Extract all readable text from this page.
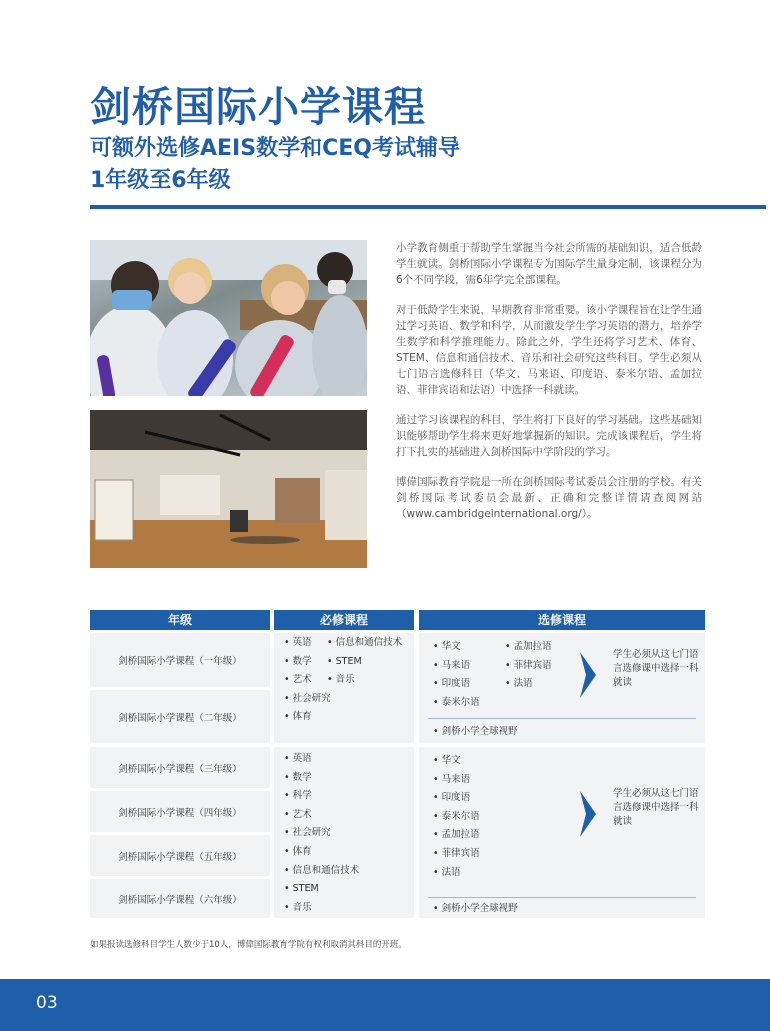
剑桥国际小学课程
可额外选修AEIS数学和CEQ考试辅导
1年级至6年级

小学教育侧重于帮助学生掌握当今社会所需的基础知识，适合低龄学生就读。剑桥国际小学课程专为国际学生量身定制，该课程分为6个不同学段，需6年学完全部课程。

对于低龄学生来说，早期教育非常重要。该小学课程旨在让学生通过学习英语、数学和科学，从而激发学生学习英语的潜力，培养学生数学和科学推理能力。除此之外，学生还将学习艺术、体育、STEM、信息和通信技术、音乐和社会研究这些科目。学生必须从七门语言选修科目（华文、马来语、印度语、泰米尔语、孟加拉语、菲律宾语和法语）中选择一科就读。

通过学习该课程的科目，学生将打下良好的学习基础。这些基础知识能够帮助学生将来更好地掌握新的知识。完成该课程后，学生将打下扎实的基础进入剑桥国际中学阶段的学习。

博偉国际教育学院是一所在剑桥国际考试委员会注册的学校。有关剑桥国际考试委员会最新、正确和完整详情请查阅网站（www.cambridgeinternational.org/）。

年级	必修课程	选修课程
剑桥国际小学课程（一年级）
剑桥国际小学课程（二年级）
• 英语
• 数学
• 艺术
• 社会研究
• 体育
• 信息和通信技术
• STEM
• 音乐
• 华文
• 马来语
• 印度语
• 泰米尔语
• 孟加拉语
• 菲律宾语
• 法语
学生必须从这七门语言选修课中选择一科就读
• 剑桥小学全球视野
剑桥国际小学课程（三年级）
剑桥国际小学课程（四年级）
剑桥国际小学课程（五年级）
剑桥国际小学课程（六年级）
• 英语
• 数学
• 科学
• 艺术
• 社会研究
• 体育
• 信息和通信技术
• STEM
• 音乐
• 华文
• 马来语
• 印度语
• 泰米尔语
• 孟加拉语
• 菲律宾语
• 法语
学生必须从这七门语言选修课中选择一科就读
• 剑桥小学全球视野
如果报读选修科目学生人数少于10人，博偉国际教育学院有权利取消其科目的开班。
03
